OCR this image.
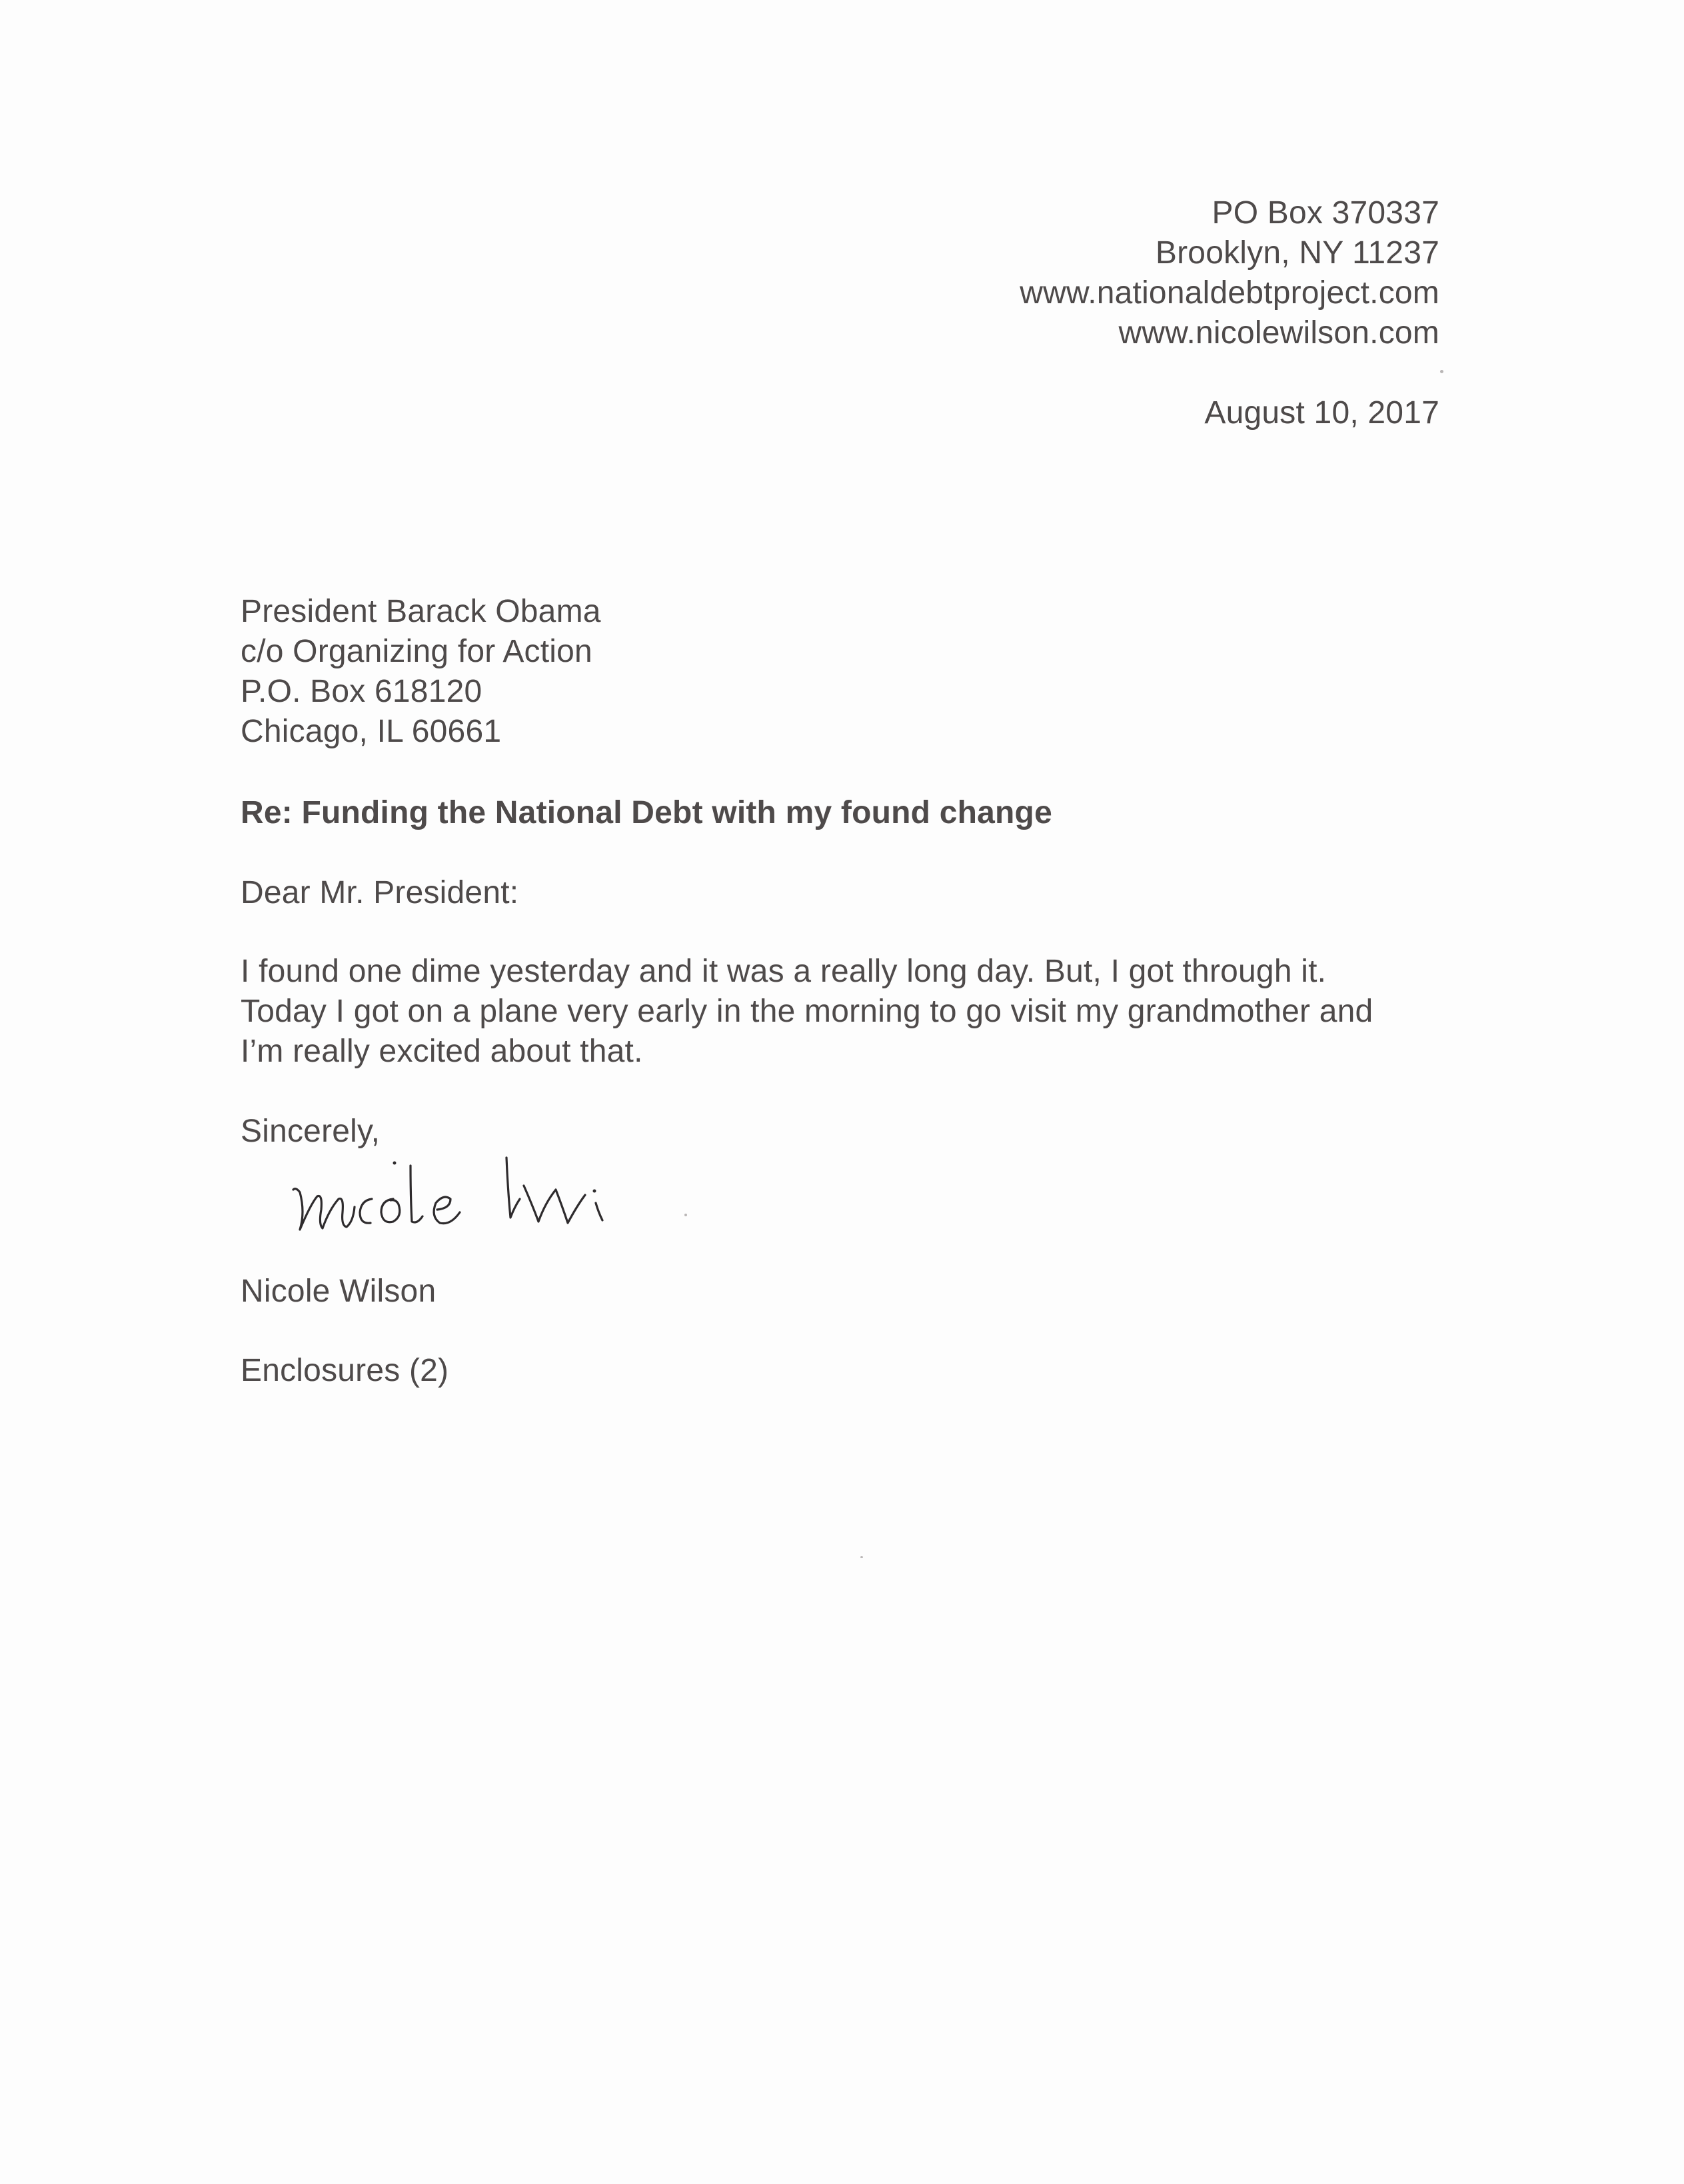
PO Box 370337
Brooklyn, NY 11237
www.nationaldebtproject.com
www.nicolewilson.com
August 10, 2017
President Barack Obama
c/o Organizing for Action
P.O. Box 618120
Chicago, IL 60661
Re: Funding the National Debt with my found change
Dear Mr. President:
I found one dime yesterday and it was a really long day. But, I got through it.
Today I got on a plane very early in the morning to go visit my grandmother and
I’m really excited about that.
Sincerely,
Nicole Wilson
Enclosures (2)
